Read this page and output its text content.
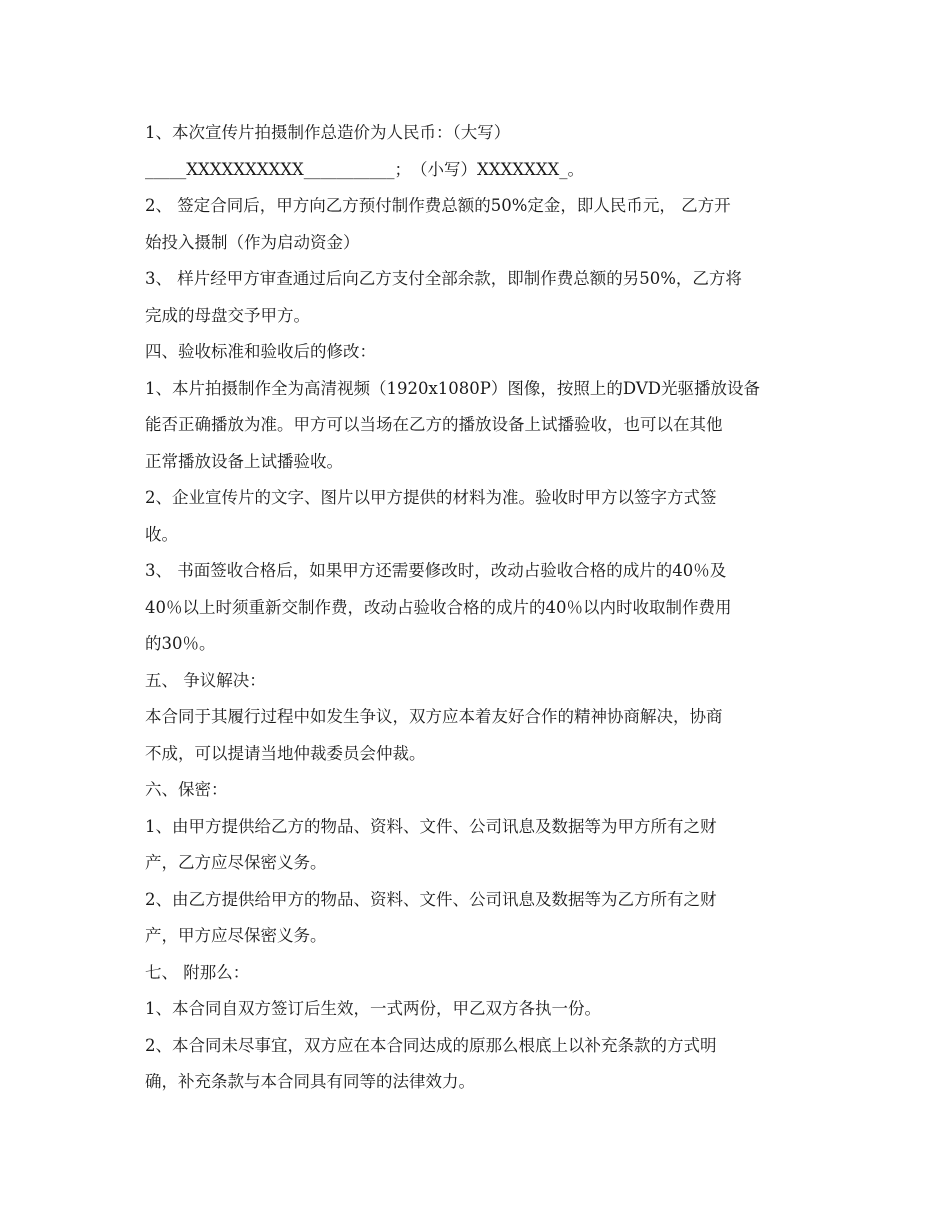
1、本次宣传片拍摄制作总造价为人民币：（大写）
_____XXXXXXXXXX___________；　（小写）XXXXXXX_。
2、 签定合同后，甲方向乙方预付制作费总额的50%定金，即人民币元， 乙方开
始投入摄制（作为启动资金）
3、 样片经甲方审查通过后向乙方支付全部余款，即制作费总额的另50%，乙方将
完成的母盘交予甲方。
四、验收标准和验收后的修改：
1、本片拍摄制作全为高清视频（1920x1080P）图像，按照上的DVD光驱播放设备
能否正确播放为准。甲方可以当场在乙方的播放设备上试播验收，也可以在其他
正常播放设备上试播验收。
2、企业宣传片的文字、图片以甲方提供的材料为准。验收时甲方以签字方式签
收。
3、 书面签收合格后，如果甲方还需要修改时，改动占验收合格的成片的40％及
40％以上时须重新交制作费，改动占验收合格的成片的40％以内时收取制作费用
的30％。
五、 争议解决：
本合同于其履行过程中如发生争议，双方应本着友好合作的精神协商解决，协商
不成，可以提请当地仲裁委员会仲裁。
六、保密：
1、由甲方提供给乙方的物品、资料、文件、公司讯息及数据等为甲方所有之财
产，乙方应尽保密义务。
2、由乙方提供给甲方的物品、资料、文件、公司讯息及数据等为乙方所有之财
产，甲方应尽保密义务。
七、 附那么：
1、本合同自双方签订后生效，一式两份，甲乙双方各执一份。
2、本合同未尽事宜，双方应在本合同达成的原那么根底上以补充条款的方式明
确，补充条款与本合同具有同等的法律效力。
